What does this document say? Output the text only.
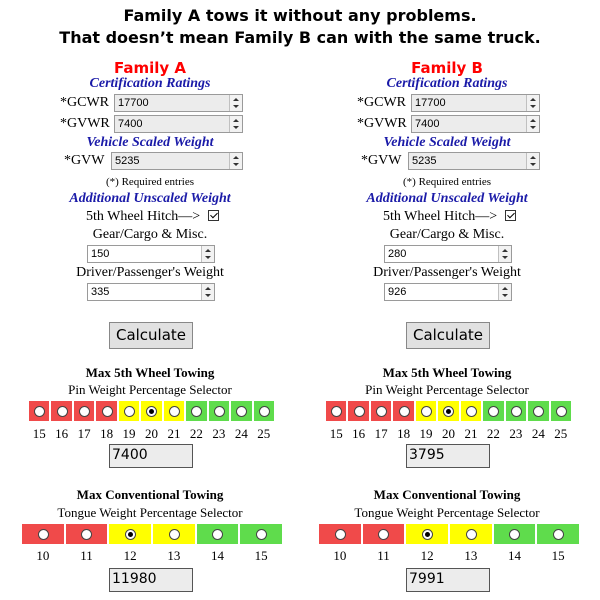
Family A tows it without any problems.
That doesn’t mean Family B can with the same truck.
Family A
Certification Ratings
*GCWR 17700
*GVWR 7400
Vehicle Scaled Weight
*GVW 5235
(*) Required entries
Additional Unscaled Weight
5th Wheel Hitch—>
Gear/Cargo & Misc.
150
Driver/Passenger's Weight
335
Calculate
Max 5th Wheel Towing
Pin Weight Percentage Selector
15 16 17 18 19 20 21 22 23 24 25
7400
Max Conventional Towing
Tongue Weight Percentage Selector
10	11	12	13	14	15
11980
Family B
Certification Ratings
*GCWR 17700
*GVWR 7400
Vehicle Scaled Weight
*GVW 5235
(*) Required entries
Additional Unscaled Weight
5th Wheel Hitch—>
Gear/Cargo & Misc.
280
Driver/Passenger's Weight
926
Calculate
Max 5th Wheel Towing
Pin Weight Percentage Selector
15 16 17 18 19 20 21 22 23 24 25
3795
Max Conventional Towing
Tongue Weight Percentage Selector
10	11	12	13	14	15
7991
